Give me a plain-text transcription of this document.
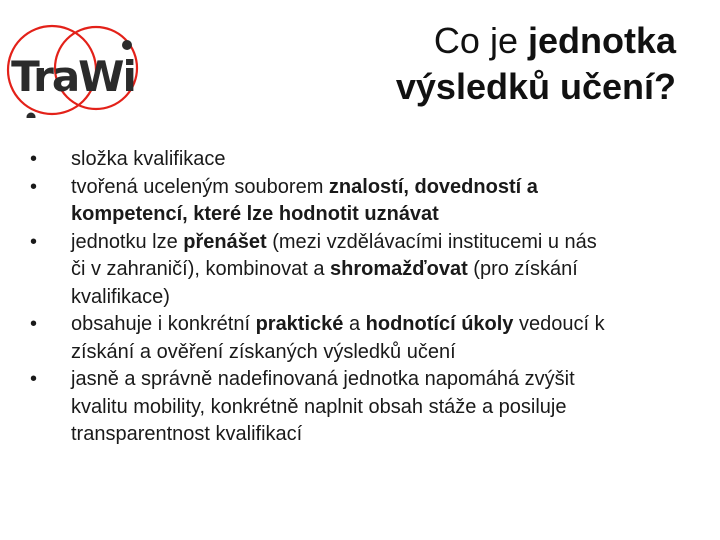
TraWi
Co je jednotka
výsledků učení?
• složka kvalifikace
• tvořená uceleným souborem znalostí, dovedností a
kompetencí, které lze hodnotit uznávat
• jednotku lze přenášet (mezi vzdělávacími institucemi u nás
či v zahraničí), kombinovat a shromažďovat (pro získání
kvalifikace)
• obsahuje i konkrétní praktické a hodnotící úkoly vedoucí k
získání a ověření získaných výsledků učení
• jasně a správně nadefinovaná jednotka napomáhá zvýšit
kvalitu mobility, konkrétně naplnit obsah stáže a posiluje
transparentnost kvalifikací
